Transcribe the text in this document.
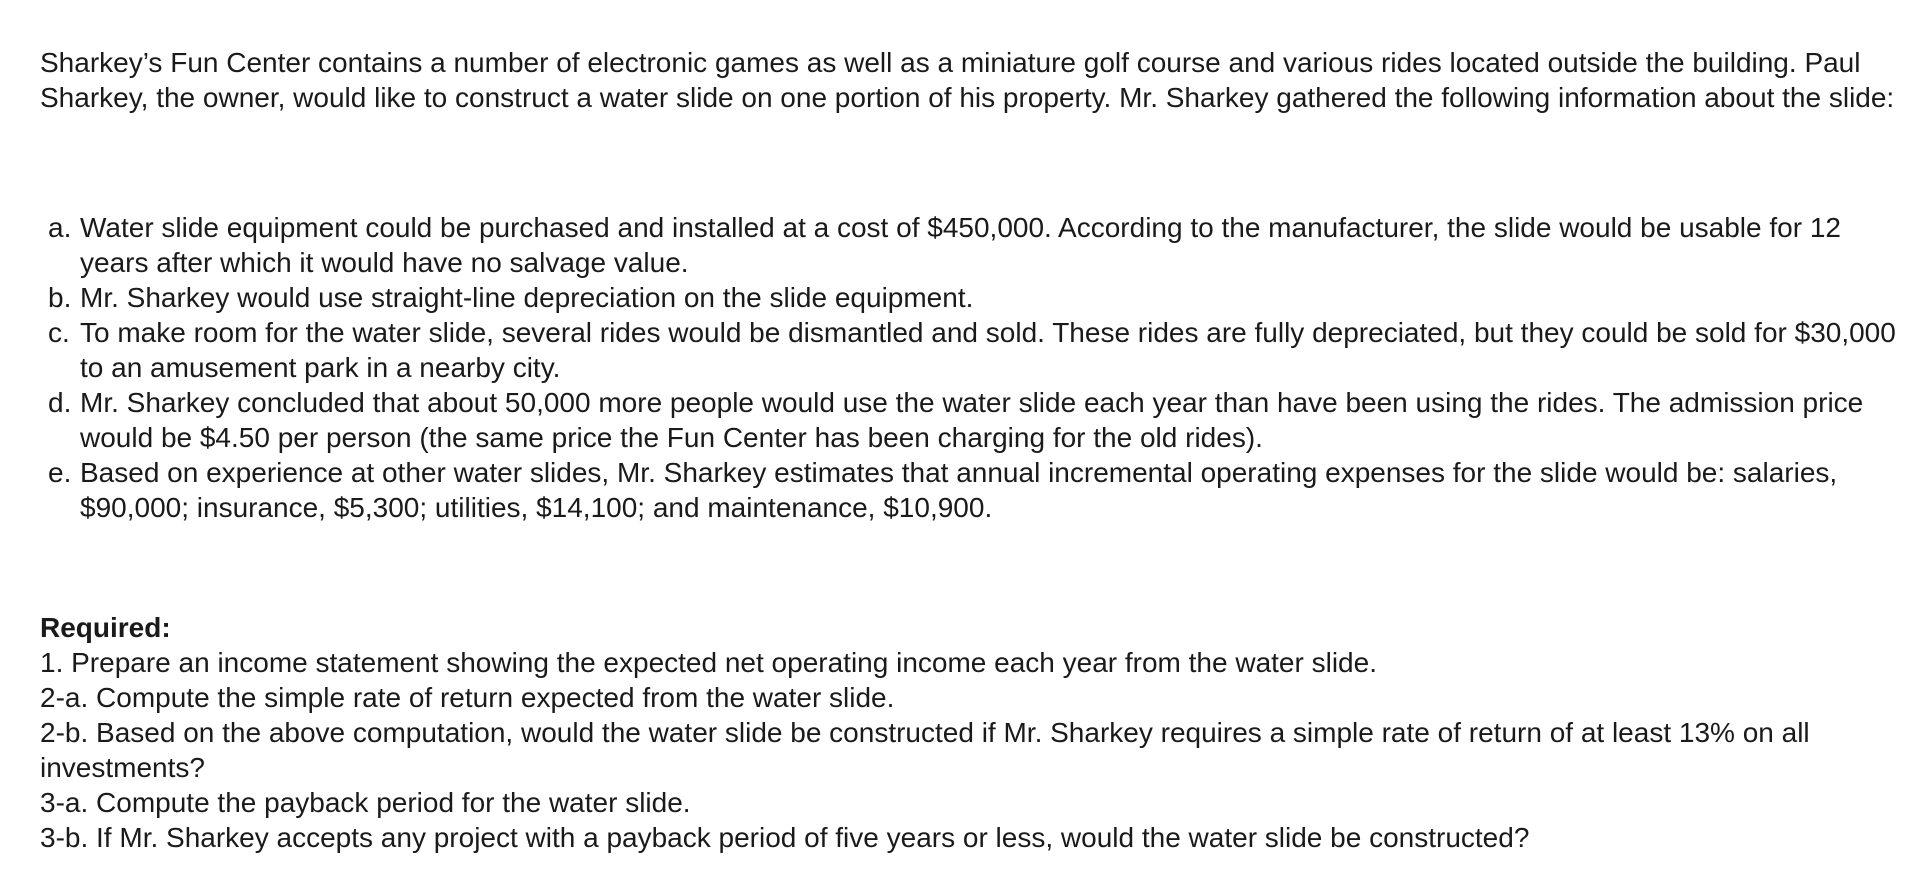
Sharkey’s Fun Center contains a number of electronic games as well as a miniature golf course and various rides located outside the building. Paul Sharkey, the owner, would like to construct a water slide on one portion of his property. Mr. Sharkey gathered the following information about the slide:

a. Water slide equipment could be purchased and installed at a cost of $450,000. According to the manufacturer, the slide would be usable for 12 years after which it would have no salvage value.
b. Mr. Sharkey would use straight-line depreciation on the slide equipment.
c. To make room for the water slide, several rides would be dismantled and sold. These rides are fully depreciated, but they could be sold for $30,000 to an amusement park in a nearby city.
d. Mr. Sharkey concluded that about 50,000 more people would use the water slide each year than have been using the rides. The admission price would be $4.50 per person (the same price the Fun Center has been charging for the old rides).
e. Based on experience at other water slides, Mr. Sharkey estimates that annual incremental operating expenses for the slide would be: salaries, $90,000; insurance, $5,300; utilities, $14,100; and maintenance, $10,900.

Required:

1. Prepare an income statement showing the expected net operating income each year from the water slide.

2-a. Compute the simple rate of return expected from the water slide.

2-b. Based on the above computation, would the water slide be constructed if Mr. Sharkey requires a simple rate of return of at least 13% on all investments?

3-a. Compute the payback period for the water slide.

3-b. If Mr. Sharkey accepts any project with a payback period of five years or less, would the water slide be constructed?
